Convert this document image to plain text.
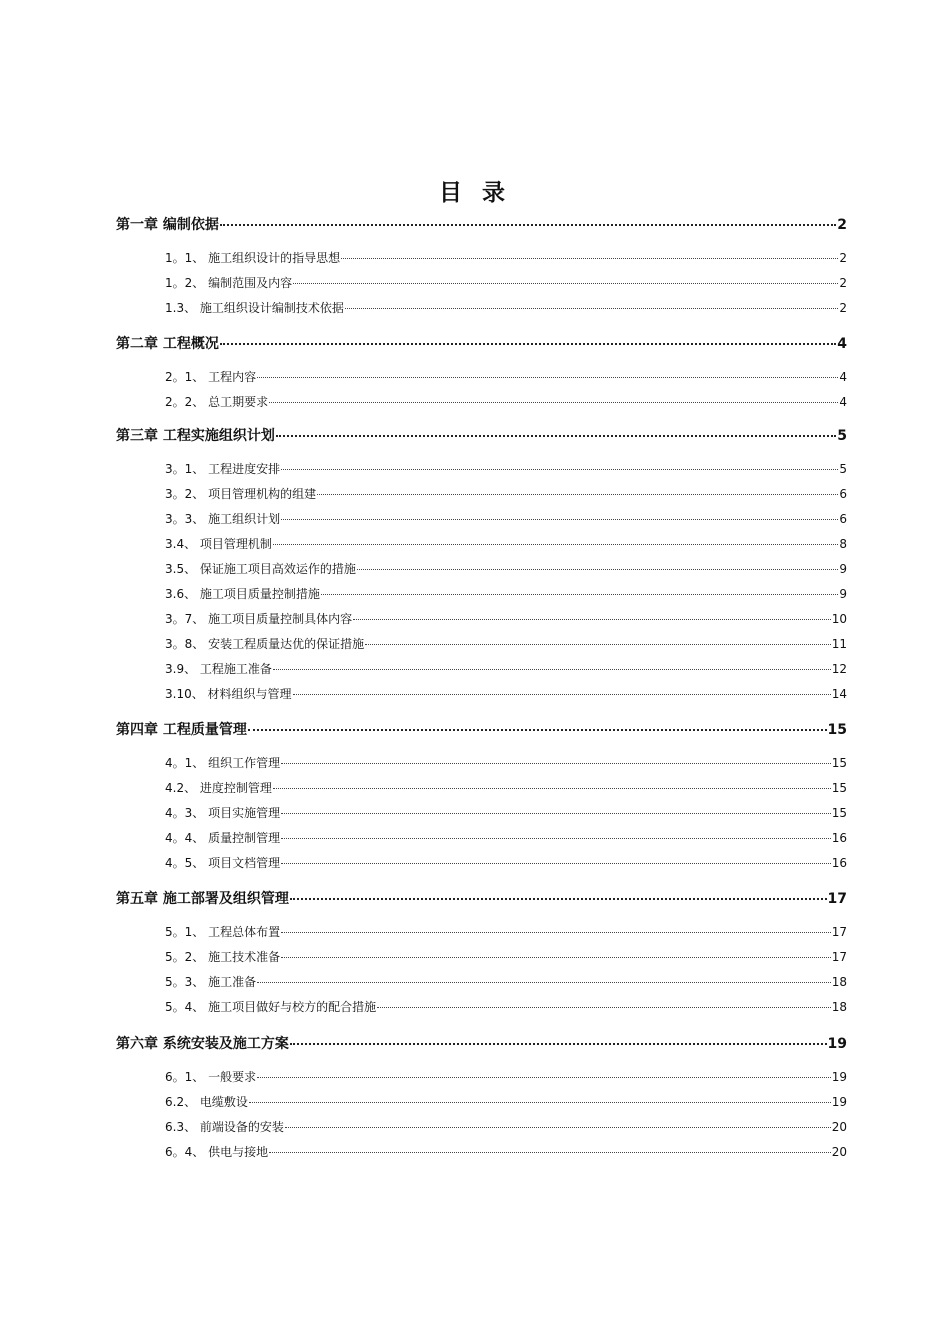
目 录
第一章 编制依据	2
1。1、 施工组织设计的指导思想	2
1。2、 编制范围及内容	2
1.3、 施工组织设计编制技术依据	2
第二章 工程概况	4
2。1、 工程内容	4
2。2、 总工期要求	4
第三章 工程实施组织计划	5
3。1、 工程进度安排	5
3。2、 项目管理机构的组建	6
3。3、 施工组织计划	6
3.4、 项目管理机制	8
3.5、 保证施工项目高效运作的措施	9
3.6、 施工项目质量控制措施	9
3。7、 施工项目质量控制具体内容	10
3。8、 安装工程质量达优的保证措施	11
3.9、 工程施工准备	12
3.10、 材料组织与管理	14
第四章 工程质量管理	15
4。1、 组织工作管理	15
4.2、 进度控制管理	15
4。3、 项目实施管理	15
4。4、 质量控制管理	16
4。5、 项目文档管理	16
第五章 施工部署及组织管理	17
5。1、 工程总体布置	17
5。2、 施工技术准备	17
5。3、 施工准备	18
5。4、 施工项目做好与校方的配合措施	18
第六章 系统安装及施工方案	19
6。1、 一般要求	19
6.2、 电缆敷设	19
6.3、 前端设备的安装	20
6。4、 供电与接地	20
